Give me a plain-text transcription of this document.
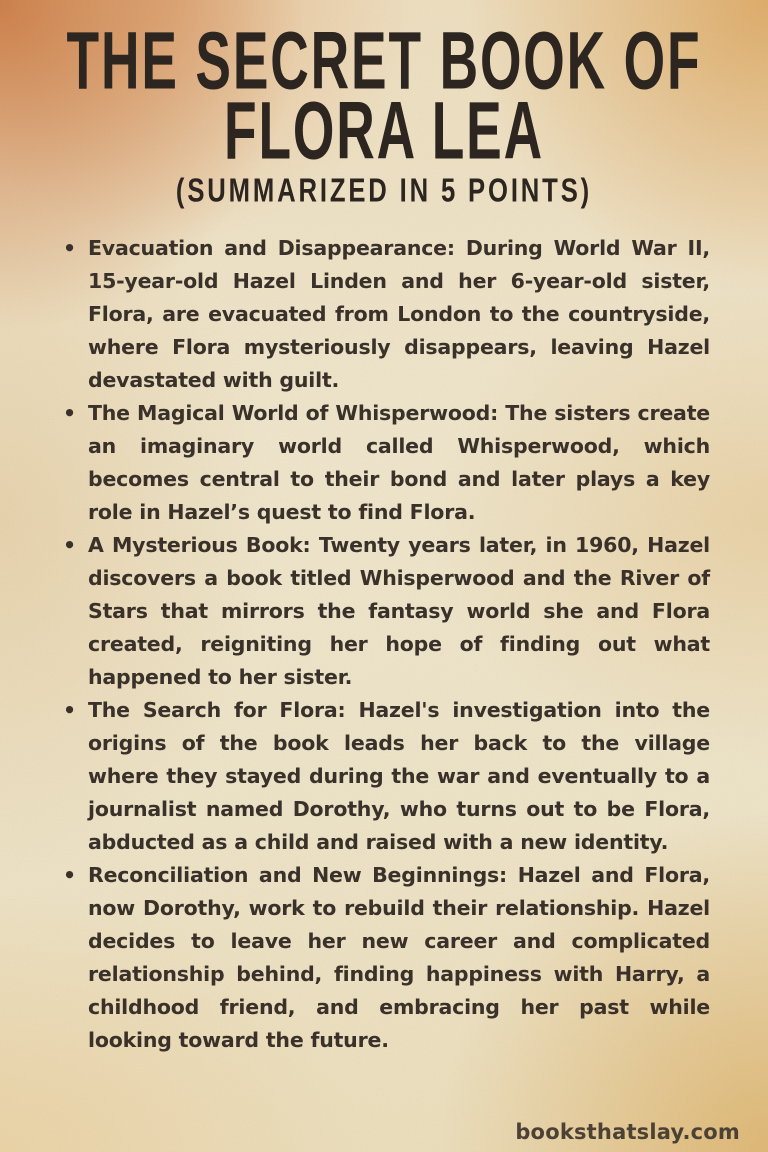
THE SECRET BOOK OF
FLORA LEA
(SUMMARIZED IN 5 POINTS)
• Evacuation and Disappearance: During World War II, 15-year-old Hazel Linden and her 6-year-old sister, Flora, are evacuated from London to the countryside, where Flora mysteriously disappears, leaving Hazel devastated with guilt.
• The Magical World of Whisperwood: The sisters create an imaginary world called Whisperwood, which becomes central to their bond and later plays a key role in Hazel’s quest to find Flora.
• A Mysterious Book: Twenty years later, in 1960, Hazel discovers a book titled Whisperwood and the River of Stars that mirrors the fantasy world she and Flora created, reigniting her hope of finding out what happened to her sister.
• The Search for Flora: Hazel's investigation into the origins of the book leads her back to the village where they stayed during the war and eventually to a journalist named Dorothy, who turns out to be Flora, abducted as a child and raised with a new identity.
• Reconciliation and New Beginnings: Hazel and Flora, now Dorothy, work to rebuild their relationship. Hazel decides to leave her new career and complicated relationship behind, finding happiness with Harry, a childhood friend, and embracing her past while looking toward the future.
booksthatslay.com
